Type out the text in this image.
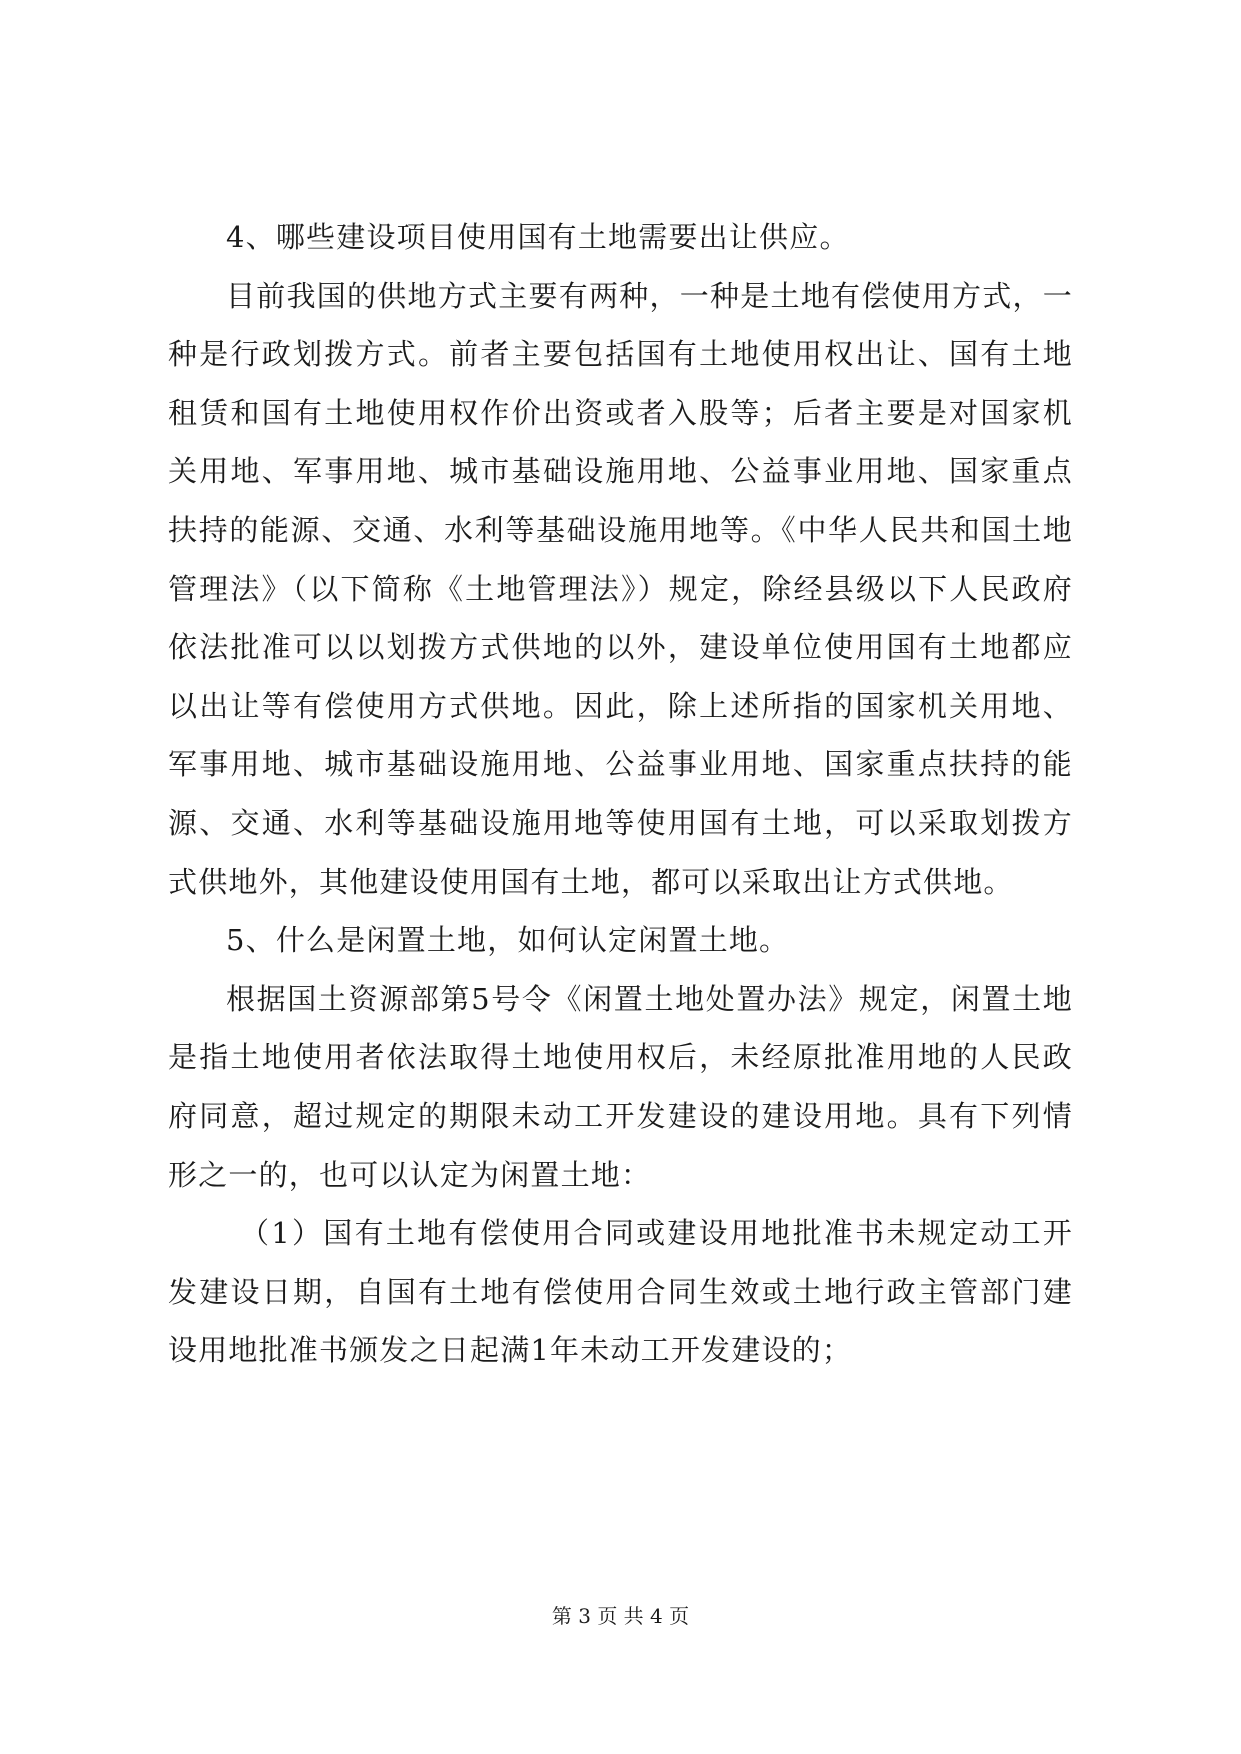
4、哪些建设项目使用国有土地需要出让供应。

目前我国的供地方式主要有两种，一种是土地有偿使用方式，一种是行政划拨方式。前者主要包括国有土地使用权出让、国有土地租赁和国有土地使用权作价出资或者入股等；后者主要是对国家机关用地、军事用地、城市基础设施用地、公益事业用地、国家重点扶持的能源、交通、水利等基础设施用地等。《中华人民共和国土地管理法》（以下简称《土地管理法》）规定，除经县级以下人民政府依法批准可以以划拨方式供地的以外，建设单位使用国有土地都应以出让等有偿使用方式供地。因此，除上述所指的国家机关用地、军事用地、城市基础设施用地、公益事业用地、国家重点扶持的能源、交通、水利等基础设施用地等使用国有土地，可以采取划拨方式供地外，其他建设使用国有土地，都可以采取出让方式供地。

5、什么是闲置土地，如何认定闲置土地。

根据国土资源部第5号令《闲置土地处置办法》规定，闲置土地是指土地使用者依法取得土地使用权后，未经原批准用地的人民政府同意，超过规定的期限未动工开发建设的建设用地。具有下列情形之一的，也可以认定为闲置土地：

（1）国有土地有偿使用合同或建设用地批准书未规定动工开发建设日期，自国有土地有偿使用合同生效或土地行政主管部门建设用地批准书颁发之日起满1年未动工开发建设的；

第 3 页 共 4 页
